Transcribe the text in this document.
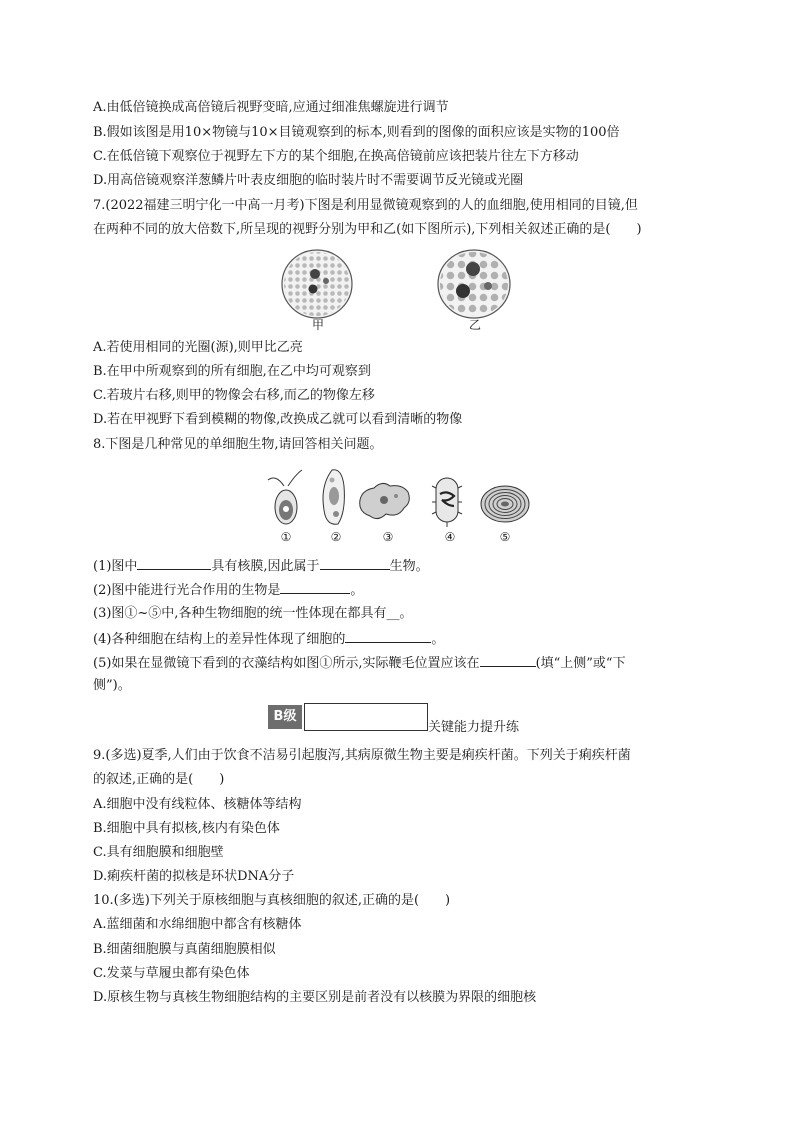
A.由低倍镜换成高倍镜后视野变暗,应通过细准焦螺旋进行调节
B.假如该图是用10×物镜与10×目镜观察到的标本,则看到的图像的面积应该是实物的100倍
C.在低倍镜下观察位于视野左下方的某个细胞,在换高倍镜前应该把装片往左下方移动
D.用高倍镜观察洋葱鳞片叶表皮细胞的临时装片时不需要调节反光镜或光圈
7.(2022福建三明宁化一中高一月考)下图是利用显微镜观察到的人的血细胞,使用相同的目镜,但
在两种不同的放大倍数下,所呈现的视野分别为甲和乙(如下图所示),下列相关叙述正确的是(　　)
甲	乙
A.若使用相同的光圈(源),则甲比乙亮
B.在甲中所观察到的所有细胞,在乙中均可观察到
C.若玻片右移,则甲的物像会右移,而乙的物像左移
D.若在甲视野下看到模糊的物像,改换成乙就可以看到清晰的物像
8.下图是几种常见的单细胞生物,请回答相关问题。
①	②	③	④	⑤
(1)图中	具有核膜,因此属于	生物。
(2)图中能进行光合作用的生物是	。
(3)图①~⑤中,各种生物细胞的统一性体现在都具有__。
(4)各种细胞在结构上的差异性体现了细胞的	。
(5)如果在显微镜下看到的衣藻结构如图①所示,实际鞭毛位置应该在	(填“上侧”或“下
侧”)。
B级
关键能力提升练
9.(多选)夏季,人们由于饮食不洁易引起腹泻,其病原微生物主要是痢疾杆菌。下列关于痢疾杆菌
的叙述,正确的是(　　)
A.细胞中没有线粒体、核糖体等结构
B.细胞中具有拟核,核内有染色体
C.具有细胞膜和细胞壁
D.痢疾杆菌的拟核是环状DNA分子
10.(多选)下列关于原核细胞与真核细胞的叙述,正确的是(　　)
A.蓝细菌和水绵细胞中都含有核糖体
B.细菌细胞膜与真菌细胞膜相似
C.发菜与草履虫都有染色体
D.原核生物与真核生物细胞结构的主要区别是前者没有以核膜为界限的细胞核
